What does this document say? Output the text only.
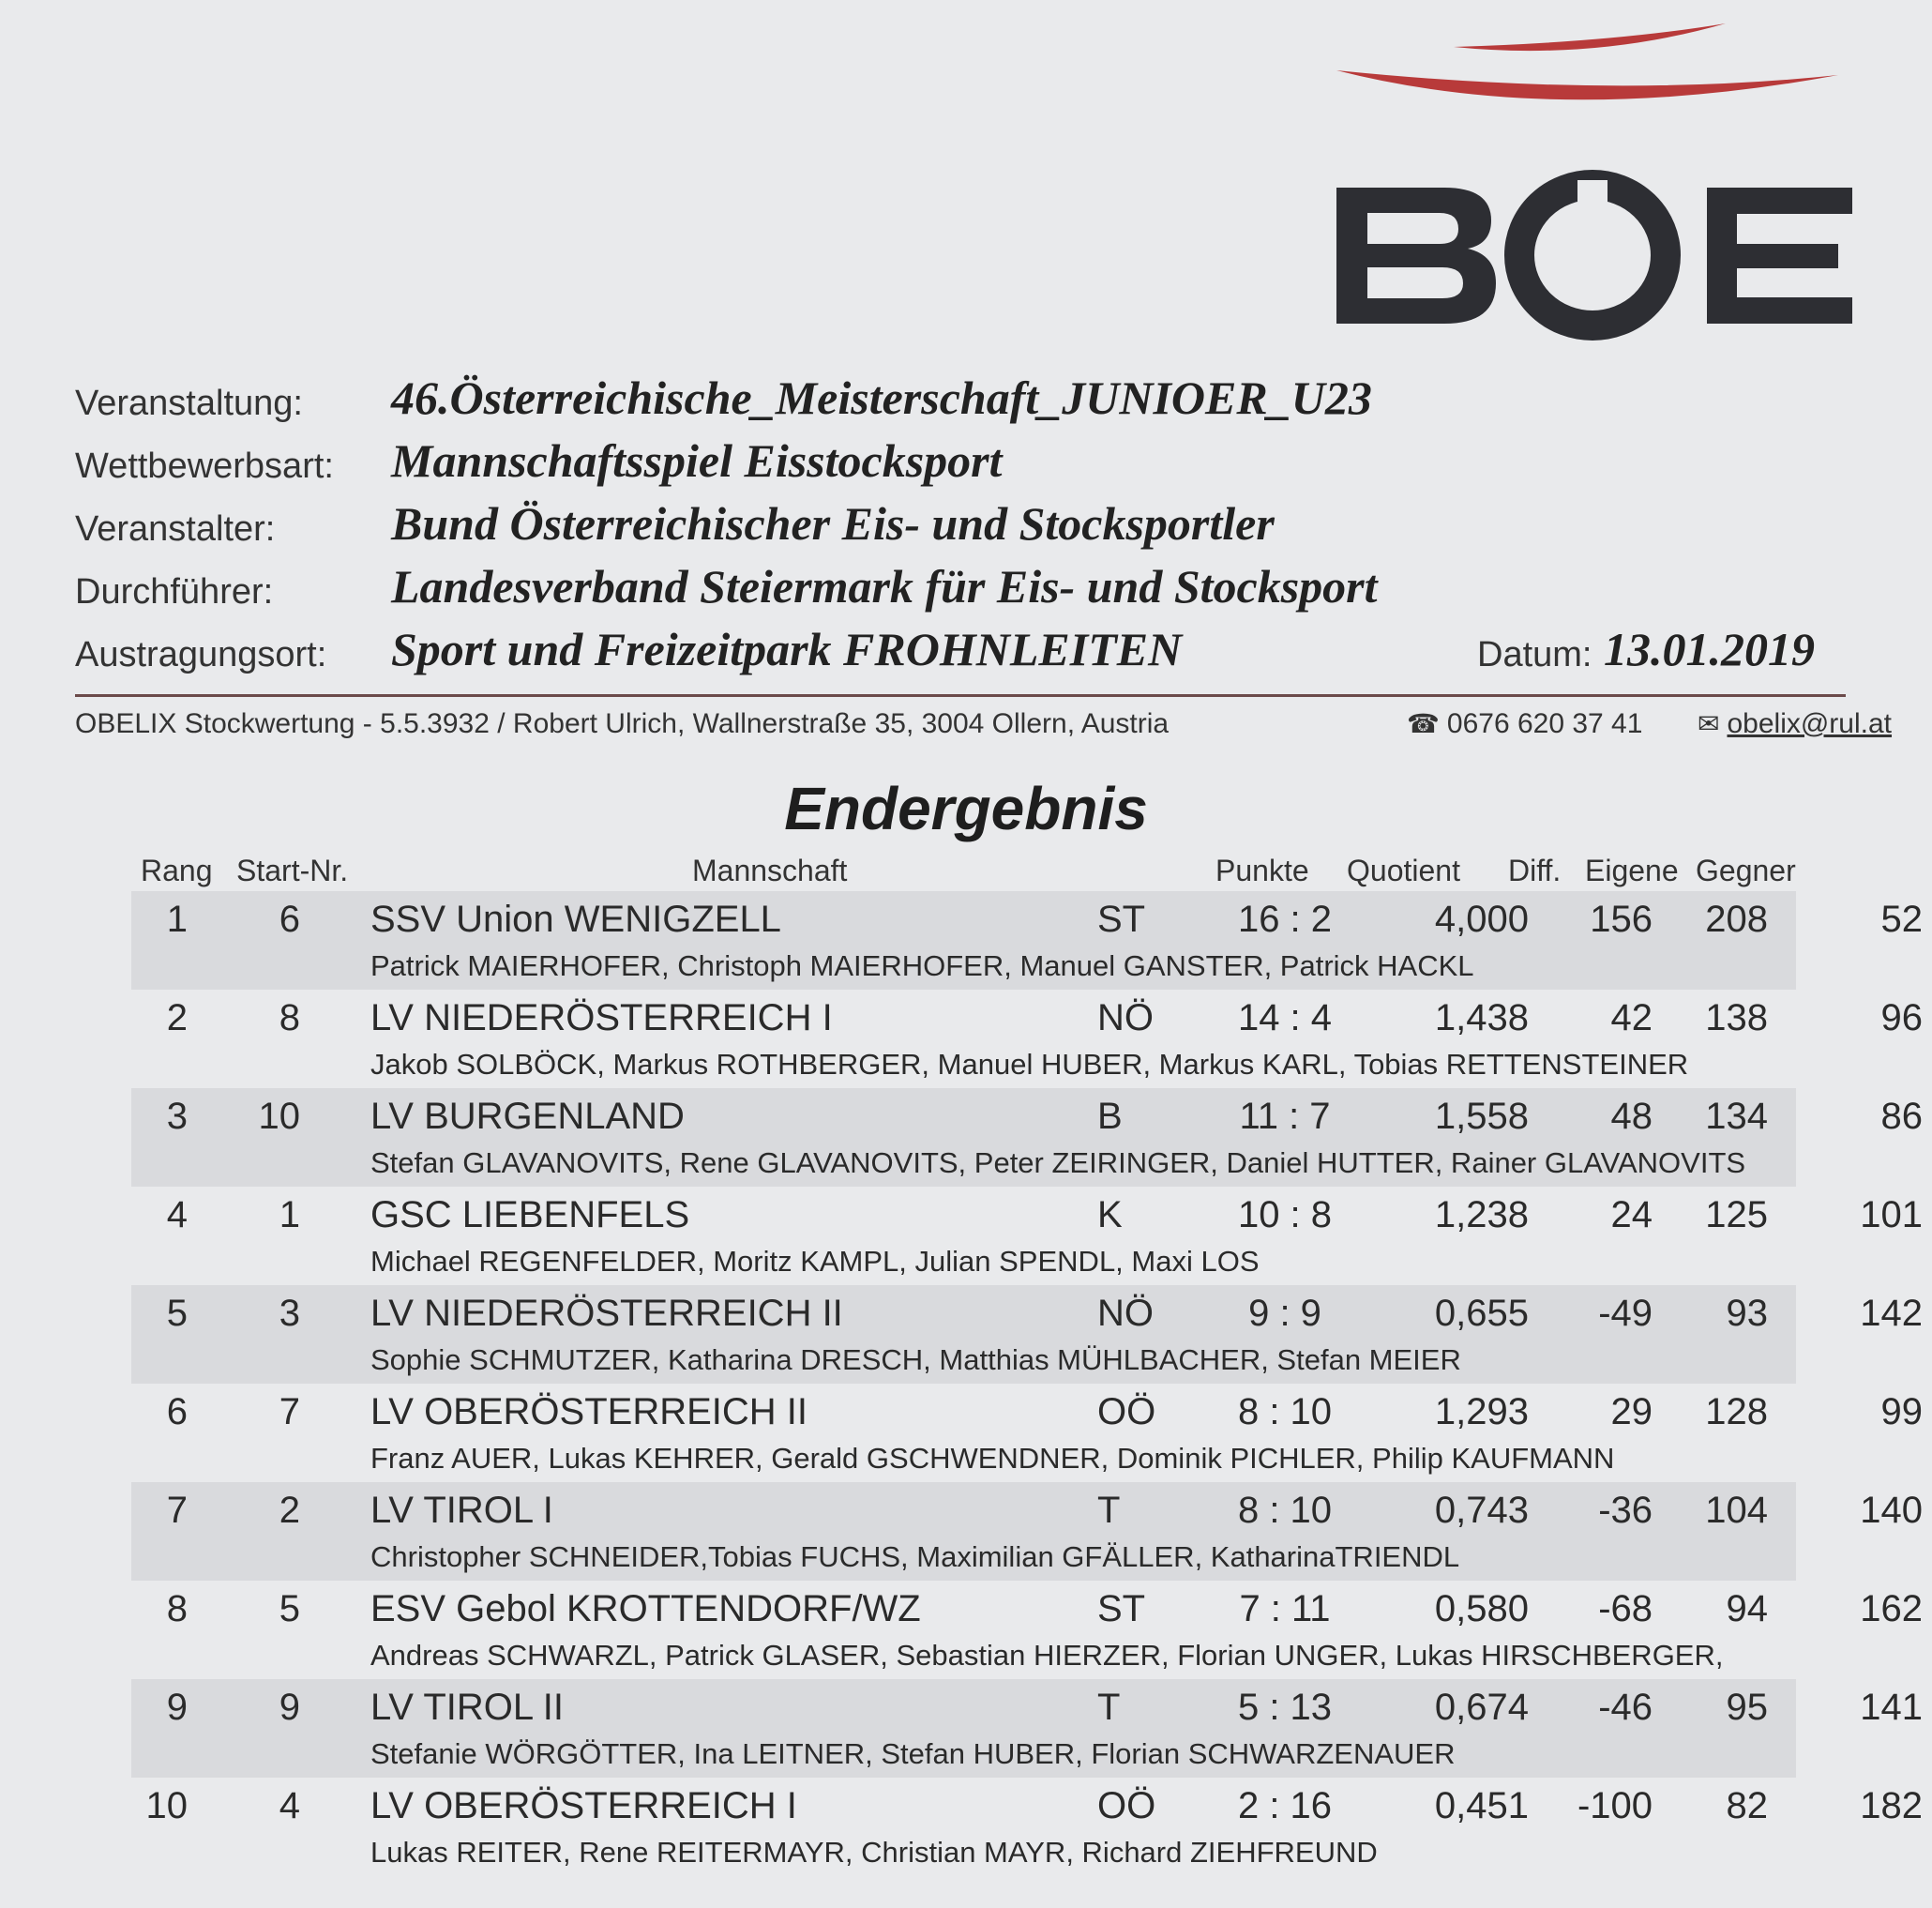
Veranstaltung: 46.Österreichische_Meisterschaft_JUNIOER_U23
Wettbewerbsart: Mannschaftsspiel Eisstocksport
Veranstalter: Bund Österreichischer Eis- und Stocksportler
Durchführer:	Landesverband Steiermark für Eis- und Stocksport
Austragungsort: Sport und Freizeitpark FROHNLEITEN	Datum: 13.01.2019
OBELIX Stockwertung - 5.5.3932 / Robert Ulrich, Wallnerstraße 35, 3004 Ollern, Austria	☎ 0676 620 37 41 ✉ obelix@rul.at
Endergebnis
Rang Start-Nr.	Mannschaft	Punkte Quotient Diff. Eigene Gegner
1	6 SSV Union WENIGZELL	ST	16 : 2	4,000	156	208	52
Patrick MAIERHOFER, Christoph MAIERHOFER, Manuel GANSTER, Patrick HACKL
2	8 LV NIEDERÖSTERREICH I	NÖ	14 : 4	1,438	42	138	96
Jakob SOLBÖCK, Markus ROTHBERGER, Manuel HUBER, Markus KARL, Tobias RETTENSTEINER
3	10 LV BURGENLAND	B	11 : 7	1,558	48	134	86
Stefan GLAVANOVITS, Rene GLAVANOVITS, Peter ZEIRINGER, Daniel HUTTER, Rainer GLAVANOVITS
4	1 GSC LIEBENFELS	K	10 : 8	1,238	24	125	101
Michael REGENFELDER, Moritz KAMPL, Julian SPENDL, Maxi LOS
5	3 LV NIEDERÖSTERREICH II	NÖ	9 : 9	0,655	-49	93	142
Sophie SCHMUTZER, Katharina DRESCH, Matthias MÜHLBACHER, Stefan MEIER
6	7 LV OBERÖSTERREICH II	OÖ	8 : 10	1,293	29	128	99
Franz AUER, Lukas KEHRER, Gerald GSCHWENDNER, Dominik PICHLER, Philip KAUFMANN
7	2 LV TIROL I	T	8 : 10	0,743	-36	104	140
Christopher SCHNEIDER,Tobias FUCHS, Maximilian GFÄLLER, KatharinaTRIENDL
8	5 ESV Gebol KROTTENDORF/WZ	ST	7 : 11	0,580	-68	94	162
Andreas SCHWARZL, Patrick GLASER, Sebastian HIERZER, Florian UNGER, Lukas HIRSCHBERGER,
9	9 LV TIROL II	T	5 : 13	0,674	-46	95	141
Stefanie WÖRGÖTTER, Ina LEITNER, Stefan HUBER, Florian SCHWARZENAUER
10	4 LV OBERÖSTERREICH I	OÖ	2 : 16	0,451	-100	82	182
Lukas REITER, Rene REITERMAYR, Christian MAYR, Richard ZIEHFREUND
